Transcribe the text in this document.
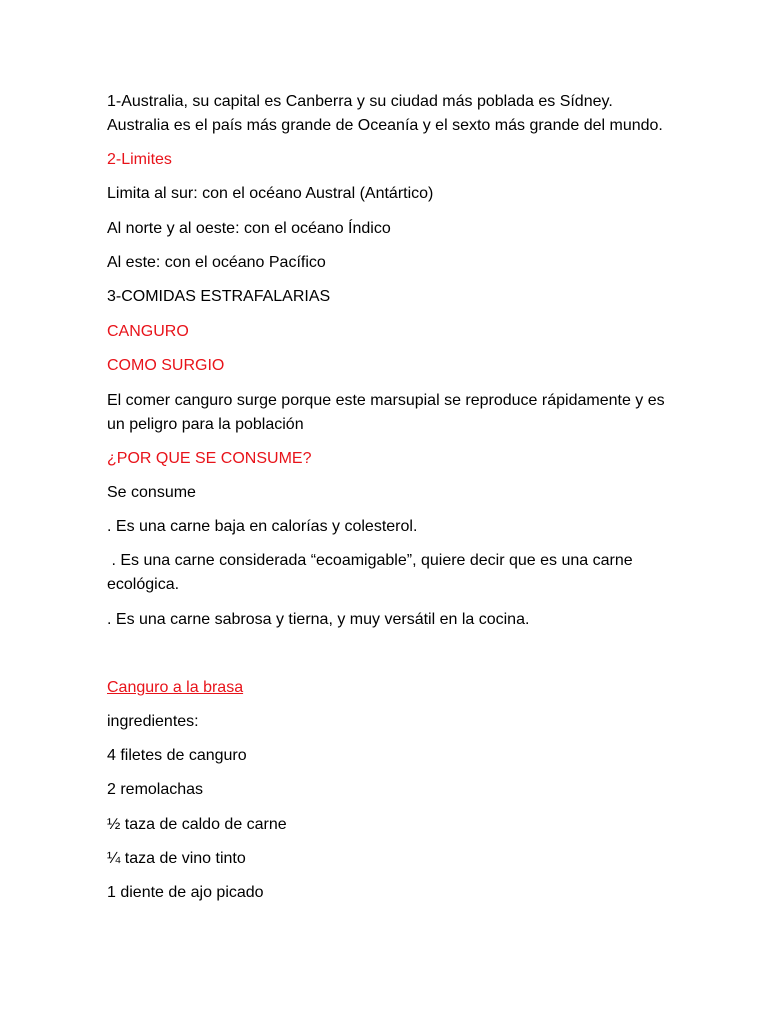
1-Australia, su capital es Canberra y su ciudad más poblada es Sídney.
Australia es el país más grande de Oceanía y el sexto más grande del mundo.
2-Limites
Limita al sur: con el océano Austral (Antártico)
Al norte y al oeste: con el océano Índico
Al este: con el océano Pacífico
3-COMIDAS ESTRAFALARIAS
CANGURO
COMO SURGIO
El comer canguro surge porque este marsupial se reproduce rápidamente y es
un peligro para la población
¿POR QUE SE CONSUME?
Se consume
. Es una carne baja en calorías y colesterol.
. Es una carne considerada “ecoamigable”, quiere decir que es una carne
ecológica.
. Es una carne sabrosa y tierna, y muy versátil en la cocina.
Canguro a la brasa
ingredientes:
4 filetes de canguro
2 remolachas
½ taza de caldo de carne
¼ taza de vino tinto
1 diente de ajo picado
